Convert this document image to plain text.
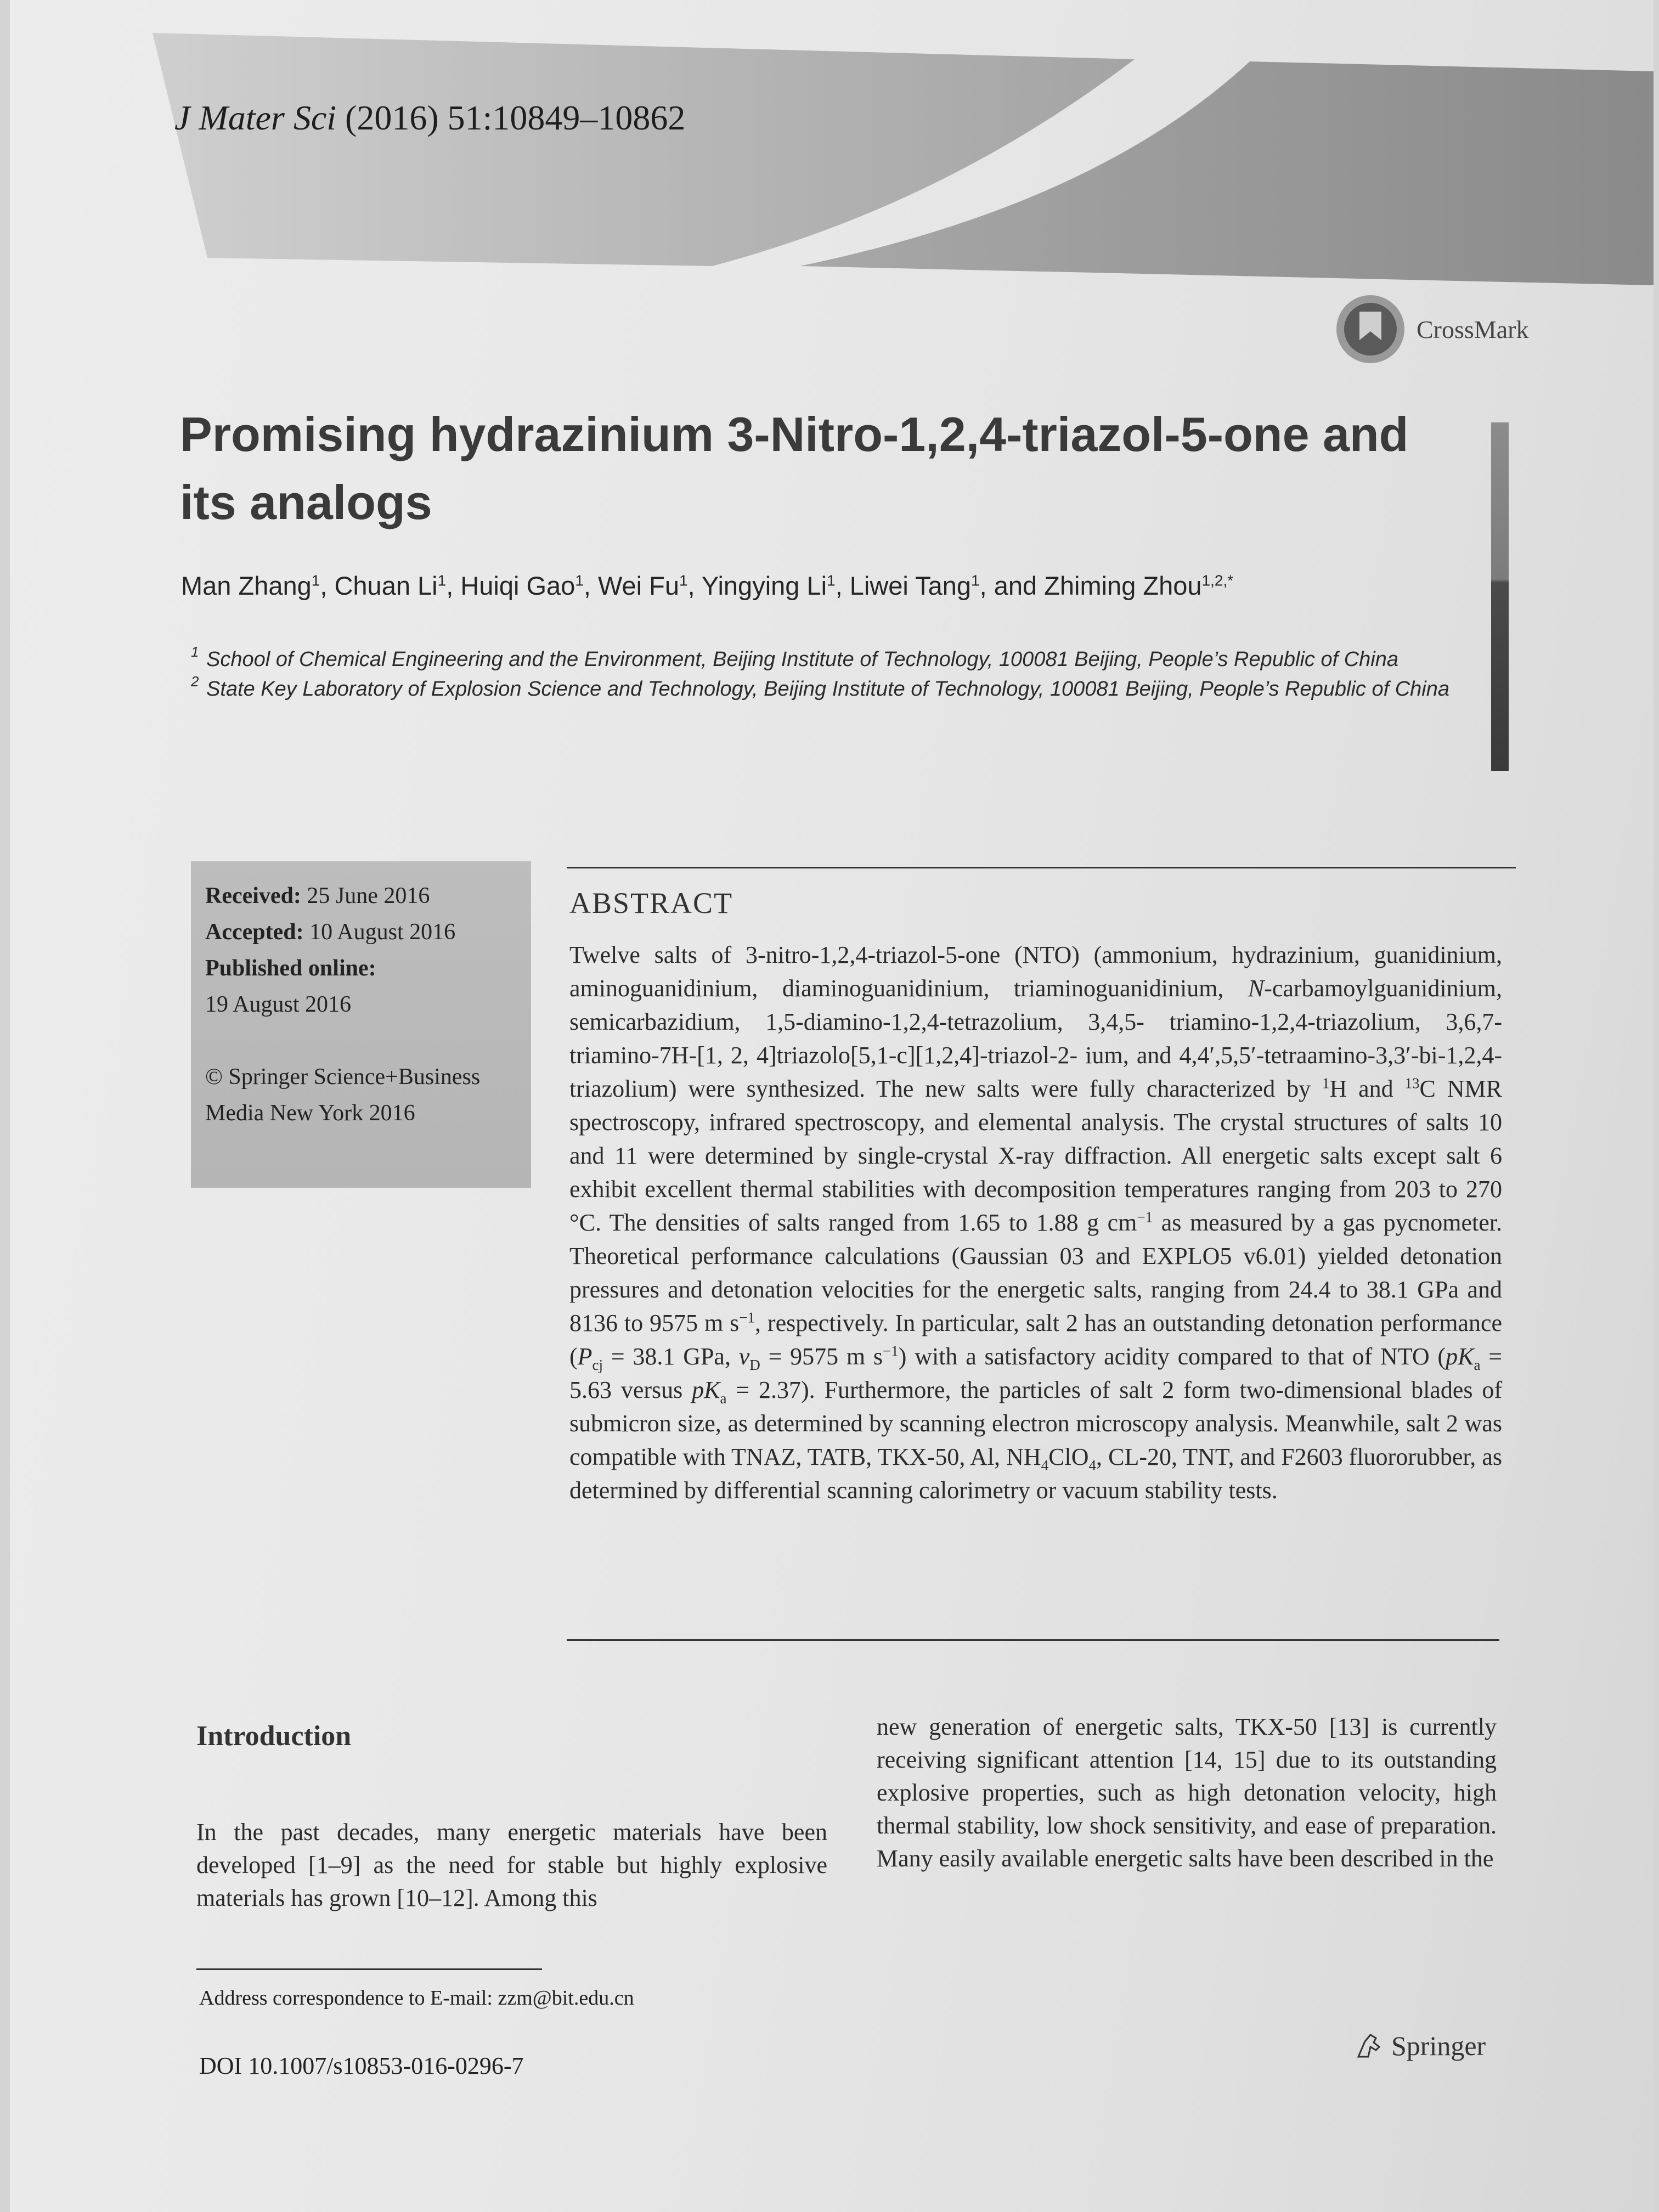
J Mater Sci (2016) 51:10849–10862
CrossMark
Promising hydrazinium 3-Nitro-1,2,4-triazol-5-one and its analogs
Man Zhang$^1$, Chuan Li$^1$, Huiqi Gao$^1$, Wei Fu$^1$, Yingying Li$^1$, Liwei Tang$^1$, and Zhiming Zhou$^{1,2,*}$
1 School of Chemical Engineering and the Environment, Beijing Institute of Technology, 100081 Beijing, People’s Republic of China
2 State Key Laboratory of Explosion Science and Technology, Beijing Institute of Technology, 100081 Beijing, People’s Republic of China
Received: 25 June 2016
Accepted: 10 August 2016
Published online:
19 August 2016
© Springer Science+Business Media New York 2016
ABSTRACT
Twelve salts of 3-nitro-1,2,4-triazol-5-one (NTO) (ammonium, hydrazinium, guanidinium, aminoguanidinium, diaminoguanidinium, triaminoguanidinium, N-carbamoylguanidinium, semicarbazidium, 1,5-diamino-1,2,4-tetrazolium, 3,4,5- triamino-1,2,4-triazolium, 3,6,7-triamino-7H-[1, 2, 4]triazolo[5,1-c][1,2,4]-triazol-2- ium, and 4,4′,5,5′-tetraamino-3,3′-bi-1,2,4-triazolium) were synthesized. The new salts were fully characterized by $^1$H and $^{13}$C NMR spectroscopy, infrared spectroscopy, and elemental analysis. The crystal structures of salts 10 and 11 were determined by single-crystal X-ray diffraction. All energetic salts except salt 6 exhibit excellent thermal stabilities with decomposition temperatures ranging from 203 to 270 °C. The densities of salts ranged from 1.65 to 1.88 g $cm^{-1}$ as measured by a gas pycnometer. Theoretical performance calculations (Gaussian 03 and EXPLO5 v6.01) yielded detonation pressures and detonation velocities for the energetic salts, ranging from 24.4 to 38.1 GPa and 8136 to 9575 m $s^{-1}$, respectively. In particular, salt 2 has an outstanding detonation performance ($P_{cj} = 38.1$ GPa, $v_D = 9575$ m $s^{-1}$) with a satisfactory acidity compared to that of NTO ($pK_a = 5.63$ versus $pK_a = 2.37$). Furthermore, the particles of salt 2 form two-dimensional blades of submicron size, as determined by scanning electron microscopy analysis. Meanwhile, salt 2 was compatible with TNAZ, TATB, TKX-50, Al, $NH_4ClO_4$, CL-20, TNT, and F2603 fluororubber, as determined by differential scanning calorimetry or vacuum stability tests.
Introduction
In the past decades, many energetic materials have been developed [1–9] as the need for stable but highly explosive materials has grown [10–12]. Among this
new generation of energetic salts, TKX-50 [13] is currently receiving significant attention [14, 15] due to its outstanding explosive properties, such as high detonation velocity, high thermal stability, low shock sensitivity, and ease of preparation. Many easily available energetic salts have been described in the
Address correspondence to E-mail: zzm@bit.edu.cn
DOI 10.1007/s10853-016-0296-7
Springer
